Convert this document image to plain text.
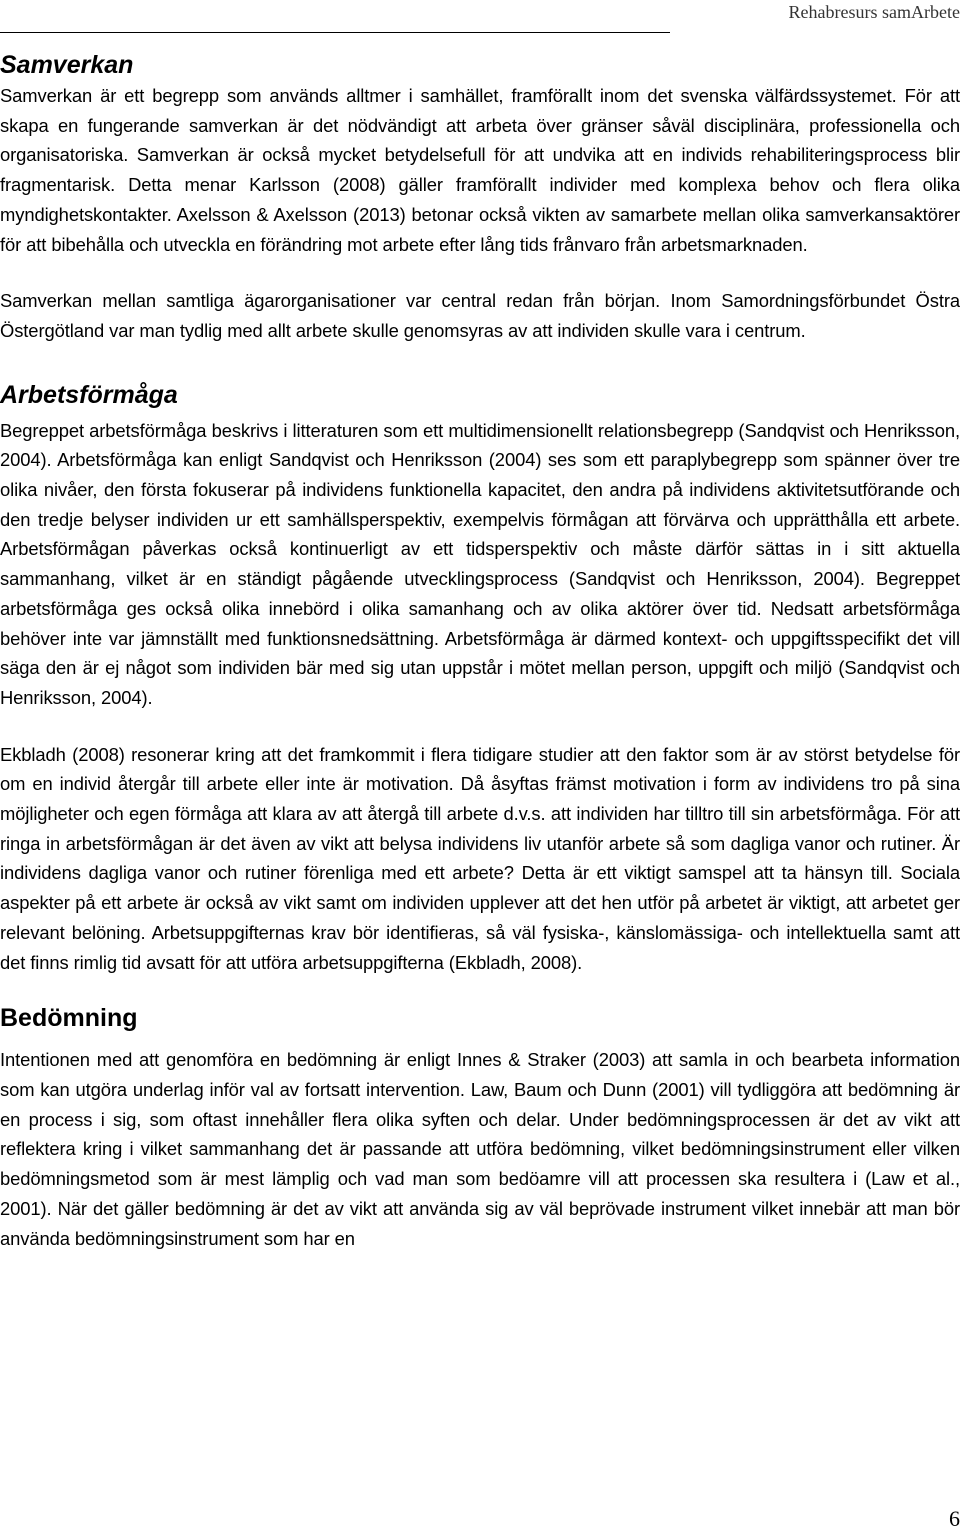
Rehabresurs samArbete
Samverkan

Samverkan är ett begrepp som används alltmer i samhället, framförallt inom det svenska välfärdssystemet. För att skapa en fungerande samverkan är det nödvändigt att arbeta över gränser såväl disciplinära, professionella och organisatoriska. Samverkan är också mycket betydelsefull för att undvika att en individs rehabiliteringsprocess blir fragmentarisk. Detta menar Karlsson (2008) gäller framförallt individer med komplexa behov och flera olika myndighetskontakter. Axelsson & Axelsson (2013) betonar också vikten av samarbete mellan olika samverkansaktörer för att bibehålla och utveckla en förändring mot arbete efter lång tids frånvaro från arbetsmarknaden.

Samverkan mellan samtliga ägarorganisationer var central redan från början. Inom Samordningsförbundet Östra Östergötland var man tydlig med allt arbete skulle genomsyras av att individen skulle vara i centrum.

Arbetsförmåga

Begreppet arbetsförmåga beskrivs i litteraturen som ett multidimensionellt relationsbegrepp (Sandqvist och Henriksson, 2004). Arbetsförmåga kan enligt Sandqvist och Henriksson (2004) ses som ett paraplybegrepp som spänner över tre olika nivåer, den första fokuserar på individens funktionella kapacitet, den andra på individens aktivitetsutförande och den tredje belyser individen ur ett samhällsperspektiv, exempelvis förmågan att förvärva och upprätthålla ett arbete. Arbetsförmågan påverkas också kontinuerligt av ett tidsperspektiv och måste därför sättas in i sitt aktuella sammanhang, vilket är en ständigt pågående utvecklingsprocess (Sandqvist och Henriksson, 2004). Begreppet arbetsförmåga ges också olika innebörd i olika samanhang och av olika aktörer över tid. Nedsatt arbetsförmåga behöver inte var jämnställt med funktionsnedsättning. Arbetsförmåga är därmed kontext- och uppgiftsspecifikt det vill säga den är ej något som individen bär med sig utan uppstår i mötet mellan person, uppgift och miljö (Sandqvist och Henriksson, 2004).

Ekbladh (2008) resonerar kring att det framkommit i flera tidigare studier att den faktor som är av störst betydelse för om en individ återgår till arbete eller inte är motivation. Då åsyftas främst motivation i form av individens tro på sina möjligheter och egen förmåga att klara av att återgå till arbete d.v.s. att individen har tilltro till sin arbetsförmåga. För att ringa in arbetsförmågan är det även av vikt att belysa individens liv utanför arbete så som dagliga vanor och rutiner. Är individens dagliga vanor och rutiner förenliga med ett arbete? Detta är ett viktigt samspel att ta hänsyn till. Sociala aspekter på ett arbete är också av vikt samt om individen upplever att det hen utför på arbetet är viktigt, att arbetet ger relevant belöning. Arbetsuppgifternas krav bör identifieras, så väl fysiska-, känslomässiga- och intellektuella samt att det finns rimlig tid avsatt för att utföra arbetsuppgifterna (Ekbladh, 2008).

Bedömning

Intentionen med att genomföra en bedömning är enligt Innes & Straker (2003) att samla in och bearbeta information som kan utgöra underlag inför val av fortsatt intervention. Law, Baum och Dunn (2001) vill tydliggöra att bedömning är en process i sig, som oftast innehåller flera olika syften och delar. Under bedömningsprocessen är det av vikt att reflektera kring i vilket sammanhang det är passande att utföra bedömning, vilket bedömningsinstrument eller vilken bedömningsmetod som är mest lämplig och vad man som bedöamre vill att processen ska resultera i (Law et al., 2001). När det gäller bedömning är det av vikt att använda sig av väl beprövade instrument vilket innebär att man bör använda bedömningsinstrument som har en

6
